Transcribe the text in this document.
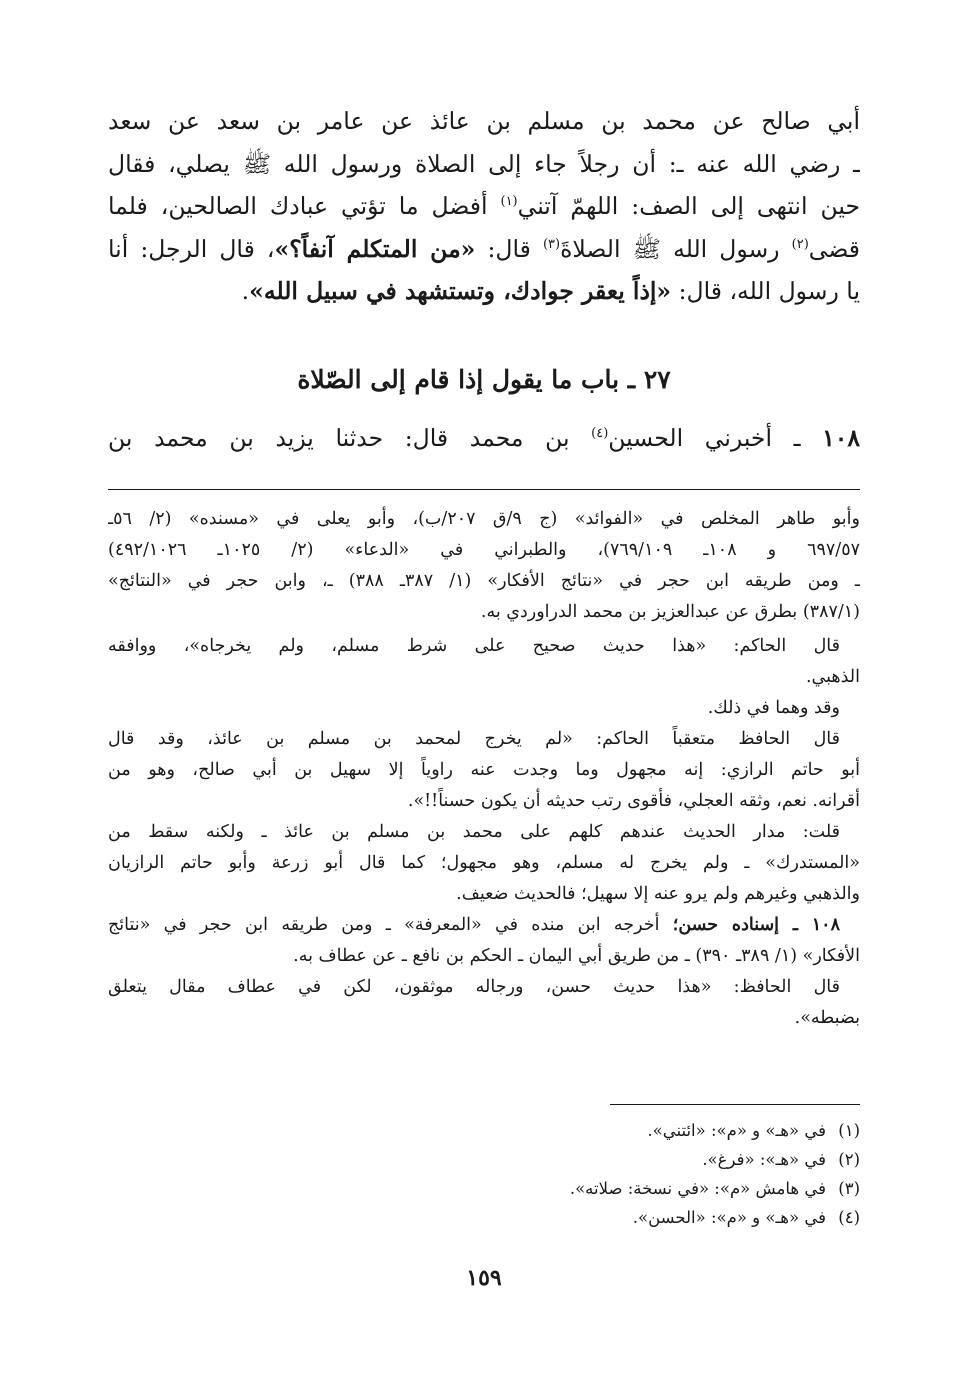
أبي صالح عن محمد بن مسلم بن عائذ عن عامر بن سعد عن سعد
ـ رضي الله عنه ـ: أن رجلاً جاء إلى الصلاة ورسول الله ﷺ يصلي، فقال
حين انتهى إلى الصف: اللهمّ آتني$^{(١)}$ أفضل ما تؤتي عبادك الصالحين، فلما
قضى$^{(٢)}$ رسول الله ﷺ الصلاةَ$^{(٣)}$ قال: «من المتكلم آنفاً؟»، قال الرجل: أنا
يا رسول الله، قال: «إذاً يعقر جوادك، وتستشهد في سبيل الله».
٢٧ ـ باب ما يقول إذا قام إلى الصّلاة
١٠٨ ـ أخبرني الحسين$^{(٤)}$ بن محمد قال: حدثنا يزيد بن محمد بن
وأبو طاهر المخلص في «الفوائد» (ج ٩/ق ٢٠٧/ب)، وأبو يعلى في «مسنده» (٢/ ٥٦ـ
٦٩٧/٥٧ و ١٠٨ـ ٧٦٩/١٠٩)، والطبراني في «الدعاء» (٢/ ١٠٢٥ـ ٤٩٢/١٠٢٦)
ـ ومن طريقه ابن حجر في «نتائج الأفكار» (١/ ٣٨٧ـ ٣٨٨) ـ، وابن حجر في «النتائج»
(٣٨٧/١) بطرق عن عبدالعزيز بن محمد الدراوردي به.
قال الحاكم: «هذا حديث صحيح على شرط مسلم، ولم يخرجاه»، ووافقه
الذهبي.
وقد وهما في ذلك.
قال الحافظ متعقباً الحاكم: «لم يخرج لمحمد بن مسلم بن عائذ، وقد قال
أبو حاتم الرازي: إنه مجهول وما وجدت عنه راوياً إلا سهيل بن أبي صالح، وهو من
أقرانه. نعم، وثقه العجلي، فأقوى رتب حديثه أن يكون حسناً!!».
قلت: مدار الحديث عندهم كلهم على محمد بن مسلم بن عائذ ـ ولكنه سقط من
«المستدرك» ـ ولم يخرج له مسلم، وهو مجهول؛ كما قال أبو زرعة وأبو حاتم الرازيان
والذهبي وغيرهم ولم يرو عنه إلا سهيل؛ فالحديث ضعيف.
١٠٨ ـ إسناده حسن؛ أخرجه ابن منده في «المعرفة» ـ ومن طريقه ابن حجر في «نتائج
الأفكار» (١/ ٣٨٩ـ ٣٩٠) ـ من طريق أبي اليمان ـ الحكم بن نافع ـ عن عطاف به.
قال الحافظ: «هذا حديث حسن، ورجاله موثقون، لكن في عطاف مقال يتعلق
بضبطه».
(١)في «هـ» و «م»: «ائتني».
(٢)في «هـ»: «فرغ».
(٣)في هامش «م»: «في نسخة: صلاته».
(٤)في «هـ» و «م»: «الحسن».
١٥٩
